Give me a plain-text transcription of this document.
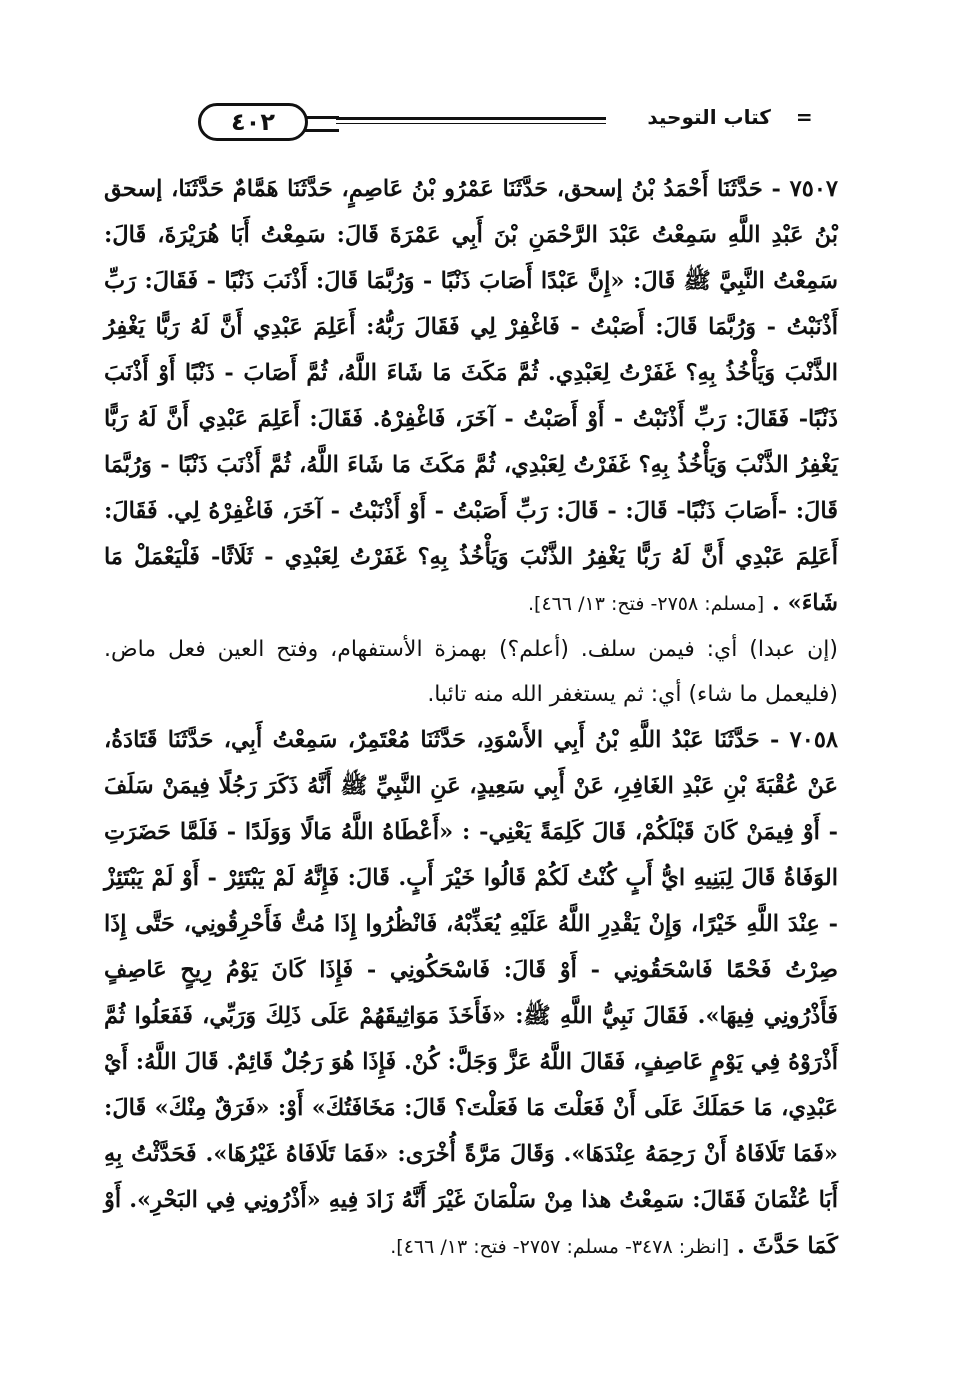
٤٠٢	= كتاب التوحيد

٧٥٠٧ - حَدَّثَنَا أَحْمَدُ بْنُ إسحق، حَدَّثَنَا عَمْرُو بْنُ عَاصِمٍ، حَدَّثَنَا هَمَّامٌ حَدَّثَنَا، إسحق بْنُ عَبْدِ اللَّهِ سَمِعْتُ عَبْدَ الرَّحْمَنِ بْنَ أَبِي عَمْرَةَ قَالَ: سَمِعْتُ أَبَا هُرَيْرَةَ، قَالَ: سَمِعْتُ النَّبِيَّ ﷺ قَالَ: «إِنَّ عَبْدًا أَصَابَ ذَنْبًا - وَرُبَّمَا قَالَ: أَذْنَبَ ذَنْبًا - فَقَالَ: رَبِّ أَذْنَبْتُ - وَرُبَّمَا قَالَ: أَصَبْتُ - فَاغْفِرْ لِي فَقَالَ رَبُّهُ: أَعَلِمَ عَبْدِي أَنَّ لَهُ رَبًّا يَغْفِرُ الذَّنْبَ وَيَأْخُذُ بِهِ؟ غَفَرْتُ لِعَبْدِي. ثُمَّ مَكَثَ مَا شَاءَ اللَّهُ، ثُمَّ أَصَابَ - ذَنْبًا أَوْ أَذْنَبَ ذَنْبًا- فَقَالَ: رَبِّ أَذْنَبْتُ - أَوْ أَصَبْتُ - آخَرَ، فَاغْفِرْهُ. فَقَالَ: أَعَلِمَ عَبْدِي أَنَّ لَهُ رَبًّا يَغْفِرُ الذَّنْبَ وَيَأْخُذُ بِهِ؟ غَفَرْتُ لِعَبْدِي، ثُمَّ مَكَثَ مَا شَاءَ اللَّهُ، ثُمَّ أَذْنَبَ ذَنْبًا - وَرُبَّمَا قَالَ: -أَصَابَ ذَنْبًا- قَالَ: - قَالَ: رَبِّ أَصَبْتُ - أَوْ أَذْنَبْتُ - آخَرَ، فَاغْفِرْهُ لِي. فَقَالَ: أَعَلِمَ عَبْدِي أَنَّ لَهُ رَبًّا يَغْفِرُ الذَّنْبَ وَيَأْخُذُ بِهِ؟ غَفَرْتُ لِعَبْدِي - ثَلَاثًا- فَلْيَعْمَلْ مَا شَاءَ» . [مسلم: ٢٧٥٨- فتح: ١٣/ ٤٦٦].

(إن عبدا) أي: فيمن سلف. (أعلم؟) بهمزة الأستفهام، وفتح العين فعل ماض. (فليعمل ما شاء) أي: ثم يستغفر الله منه تائبا.

٧٠٥٨ - حَدَّثَنَا عَبْدُ اللَّهِ بْنُ أَبِي الأَسْوَدِ، حَدَّثَنَا مُعْتَمِرٌ، سَمِعْتُ أَبِي، حَدَّثَنَا قَتَادَةُ، عَنْ عُقْبَةَ بْنِ عَبْدِ الغَافِرِ، عَنْ أَبِي سَعِيدٍ، عَنِ النَّبِيِّ ﷺ أَنَّهُ ذَكَرَ رَجُلًا فِيمَنْ سَلَفَ - أَوْ فِيمَنْ كَانَ قَبْلَكُمْ، قَالَ كَلِمَةً يَعْنِي- : «أَعْطَاهُ اللَّهُ مَالًا وَوَلَدًا - فَلَمَّا حَضَرَتِ الوَفَاةُ قَالَ لِبَنِيهِ ايُّ أَبٍ كُنْتُ لَكُمْ قَالُوا خَيْرَ أَبٍ. قَالَ: فَإِنَّهُ لَمْ يَبْتَئِرْ - أَوْ لَمْ يَبْتَئِزْ - عِنْدَ اللَّهِ خَيْرًا، وَإِنْ يَقْدِرِ اللَّهُ عَلَيْهِ يُعَذِّبْهُ، فَانْظُرُوا إِذَا مُتُّ فَأَحْرِقُونِي، حَتَّى إِذَا صِرْتُ فَحْمًا فَاسْحَقُونِي - أَوْ قَالَ: فَاسْحَكُونِي - فَإِذَا كَانَ يَوْمُ رِيحٍ عَاصِفٍ فَأَذْرُونِي فِيهَا». فَقَالَ نَبِيُّ اللَّهِ ﷺ: «فَأَخَذَ مَوَاثِيقَهُمْ عَلَى ذَلِكَ وَرَبِّي، فَفَعَلُوا ثُمَّ أَذْرَوْهُ فِي يَوْمٍ عَاصِفٍ، فَقَالَ اللَّهُ عَزَّ وَجَلَّ: كُنْ. فَإِذَا هُوَ رَجُلٌ قَائِمٌ. قَالَ اللَّهُ: أَيْ عَبْدِي، مَا حَمَلَكَ عَلَى أَنْ فَعَلْتَ مَا فَعَلْتَ؟ قَالَ: مَخَافَتُكَ» أَوْ: «فَرَقٌ مِنْكَ» قَالَ: «فَمَا تَلَافَاهُ أَنْ رَحِمَهُ عِنْدَهَا». وَقَالَ مَرَّةً أُخْرَى: «فَمَا تَلَافَاهُ غَيْرُهَا». فَحَدَّثْتُ بِهِ أَبَا عُثْمَانَ فَقَالَ: سَمِعْتُ هذا مِنْ سَلْمَانَ غَيْرَ أَنَّهُ زَادَ فِيهِ «أَذْرُونِي فِي البَحْرِ». أَوْ كَمَا حَدَّثَ . [انظر: ٣٤٧٨- مسلم: ٢٧٥٧- فتح: ١٣/ ٤٦٦].
